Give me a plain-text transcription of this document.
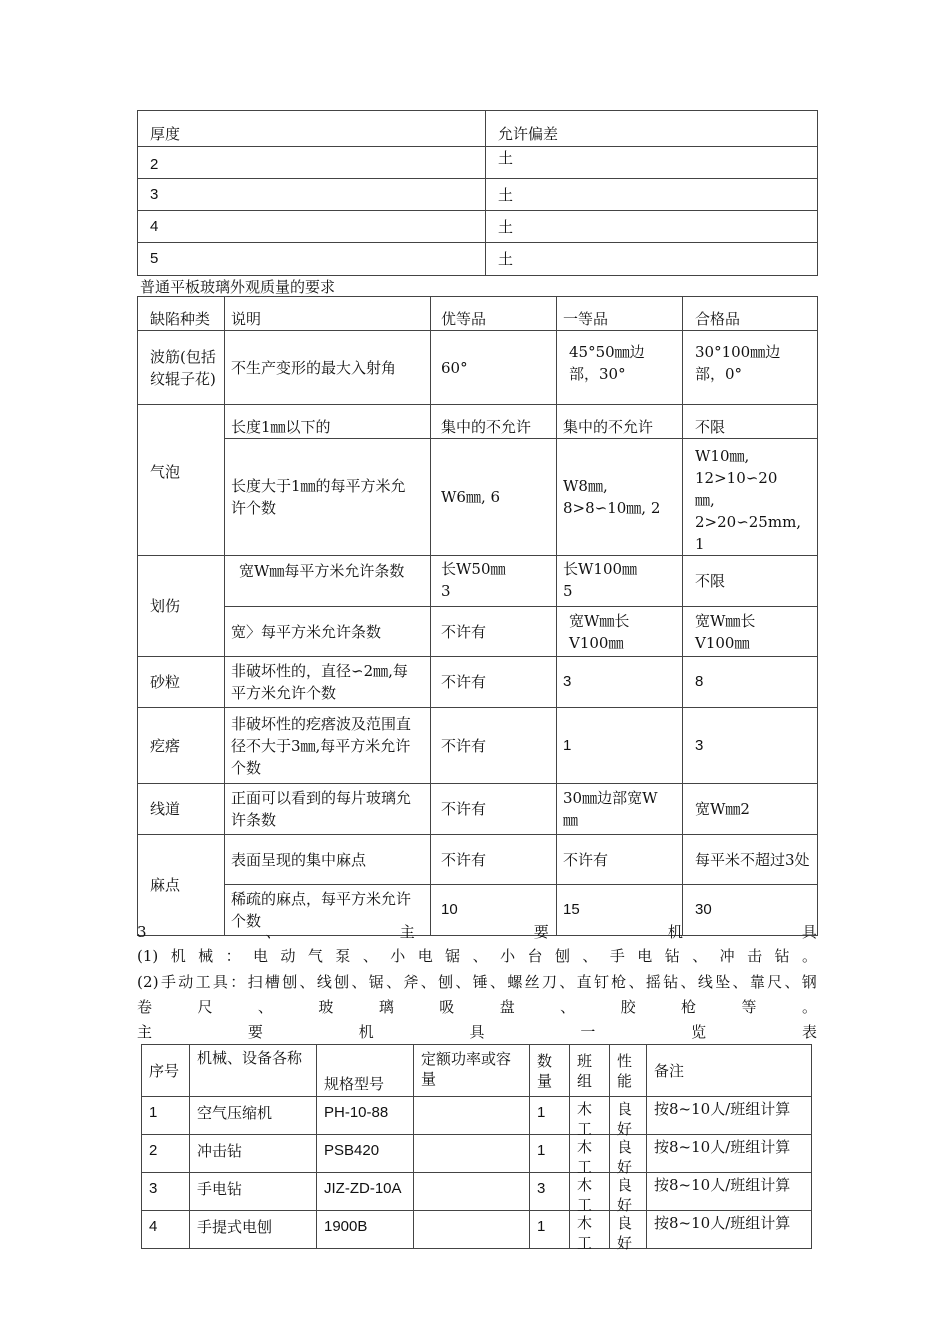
厚度	允许偏差
2	土
3	土
4	土
5	土
普通平板玻璃外观质量的要求
缺陷种类	说明	优等品	一等品	合格品
波筋(包括纹辊子花)	不生产变形的最大入射角	60°	45°50㎜边部，30°	30°100㎜边部，0°
气泡	长度1㎜以下的	集中的不允许	集中的不允许	不限
	长度大于1㎜的每平方米允许个数	W6㎜, 6	W8㎜, 8>8∽10㎜, 2	W10㎜, 12>10∽20㎜, 2>20∽25mm, 1
划伤	宽W㎜每平方米允许条数	长W50㎜3	长W100㎜5	不限
	宽〉每平方米允许条数	不许有	宽W㎜长V100㎜	宽W㎜长V100㎜
砂粒	非破坏性的，直径∽2㎜,每平方米允许个数	不许有	3	8
疙瘩	非破坏性的疙瘩波及范围直径不大于3㎜,每平方米允许个数	不许有	1	3
线道	正面可以看到的每片玻璃允许条数	不许有	30㎜边部宽W㎜	宽W㎜2
麻点	表面呈现的集中麻点	不许有	不许有	每平米不超过3处
	稀疏的麻点，每平方米允许个数	10	15	30
3	、	主	要	机	具
(1)机械：电动气泵、小电锯、小台刨、手电钻、冲击钻。
(2)手动工具：扫槽刨、线刨、锯、斧、刨、锤、螺丝刀、直钉枪、摇钻、线坠、靠尺、钢
卷	尺	、	玻	璃	吸	盘	、	胶	枪	等	。
主	要	机	具	一	览	表
序号	机械、设备各称	规格型号	定额功率或容量	数量	班组	性能	备注
1	空气压缩机	PH-10-88		1	木工	良好	按8~10人/班组计算

2	冲击钻	PSB420		1	木工	良好	按8~10人/班组计算

3	手电钻	JIZ-ZD-10A		3	木工	良好	按8~10人/班组计算

4	手提式电刨	1900B		1	木工	良好	按8~10人/班组计算
